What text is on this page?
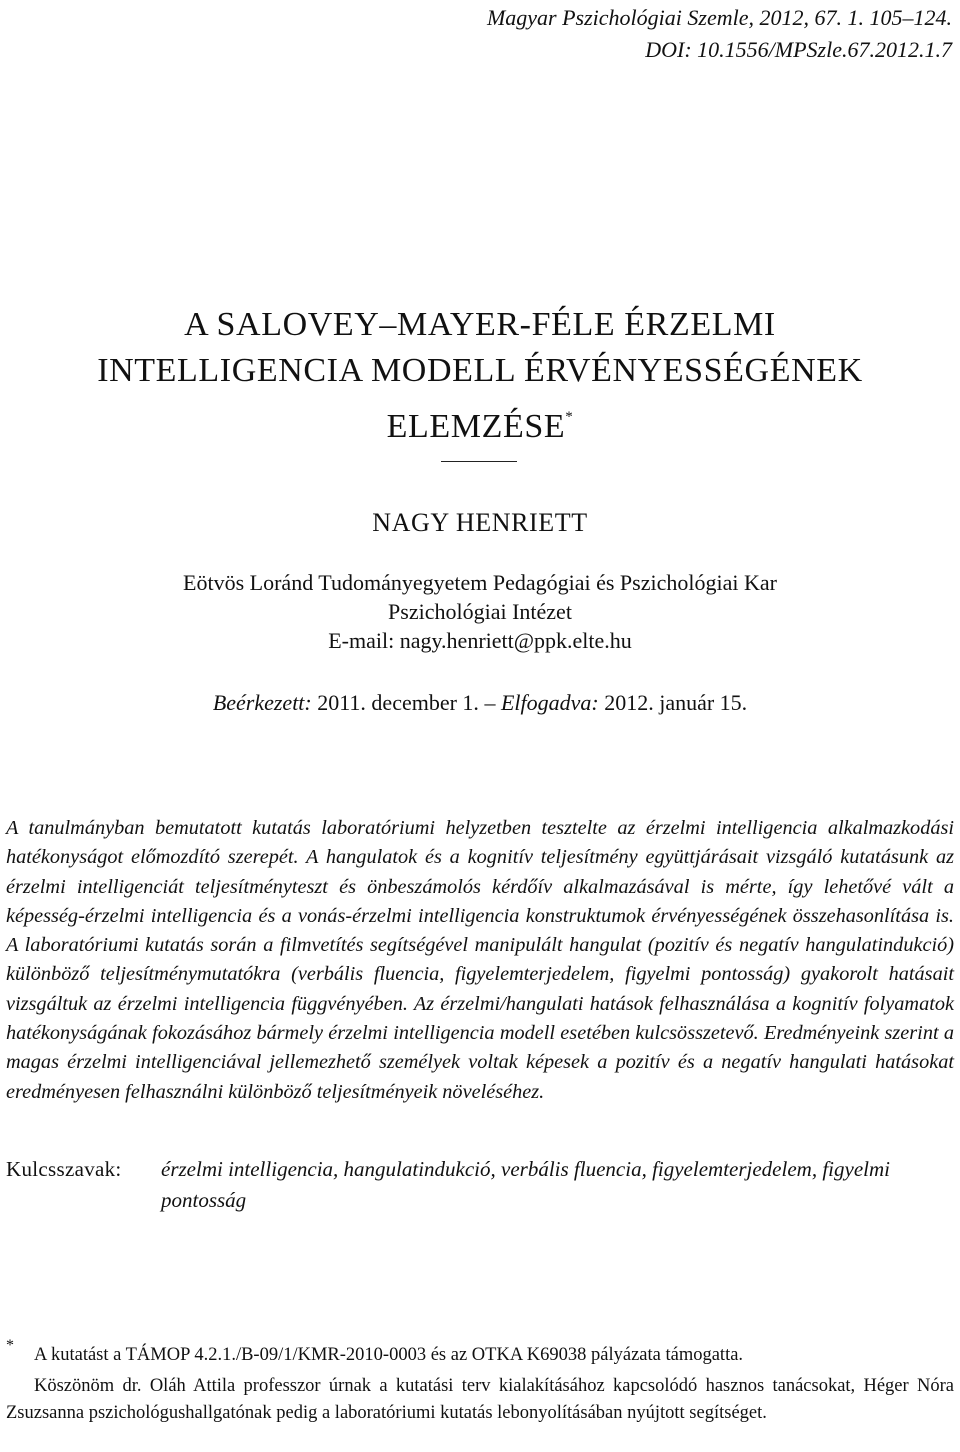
Magyar Pszichológiai Szemle, 2012, 67. 1. 105–124.
DOI: 10.1556/MPSzle.67.2012.1.7
A SALOVEY–MAYER-FÉLE ÉRZELMI
INTELLIGENCIA MODELL ÉRVÉNYESSÉGÉNEK
ELEMZÉSE*
NAGY HENRIETT
Eötvös Loránd Tudományegyetem Pedagógiai és Pszichológiai Kar
Pszichológiai Intézet
E-mail: nagy.henriett@ppk.elte.hu
Beérkezett: 2011. december 1. – Elfogadva: 2012. január 15.
A tanulmányban bemutatott kutatás laboratóriumi helyzetben tesztelte az érzelmi intelligencia alkalmazkodási hatékonyságot előmozdító szerepét. A hangulatok és a kognitív teljesítmény együttjárásait vizsgáló kutatásunk az érzelmi intelligenciát teljesítményteszt és önbeszámolós kérdőív alkalmazásával is mérte, így lehetővé vált a képesség-érzelmi intelligencia és a vonás-érzelmi intelligencia konstruktumok érvényességének összehasonlítása is. A laboratóriumi kutatás során a filmvetítés segítségével manipulált hangulat (pozitív és negatív hangulatindukció) különböző teljesítménymutatókra (verbális fluencia, figyelemterjedelem, figyelmi pontosság) gyakorolt hatásait vizsgáltuk az érzelmi intelligencia függvényében. Az érzelmi/hangulati hatások felhasználása a kognitív folyamatok hatékonyságának fokozásához bármely érzelmi intelligencia modell esetében kulcsösszetevő. Eredményeink szerint a magas érzelmi intelligenciával jellemezhető személyek voltak képesek a pozitív és a negatív hangulati hatásokat eredményesen felhasználni különböző teljesítményeik növeléséhez.
Kulcsszavak: érzelmi intelligencia, hangulatindukció, verbális fluencia, figyelemterjedelem, figyelmi pontosság
*	A kutatást a TÁMOP 4.2.1./B-09/1/KMR-2010-0003 és az OTKA K69038 pályázata támogatta.
Köszönöm dr. Oláh Attila professzor úrnak a kutatási terv kialakításához kapcsolódó hasznos tanácsokat, Héger Nóra Zsuzsanna pszichológushallgatónak pedig a laboratóriumi kutatás lebonyolításában nyújtott segítséget.
